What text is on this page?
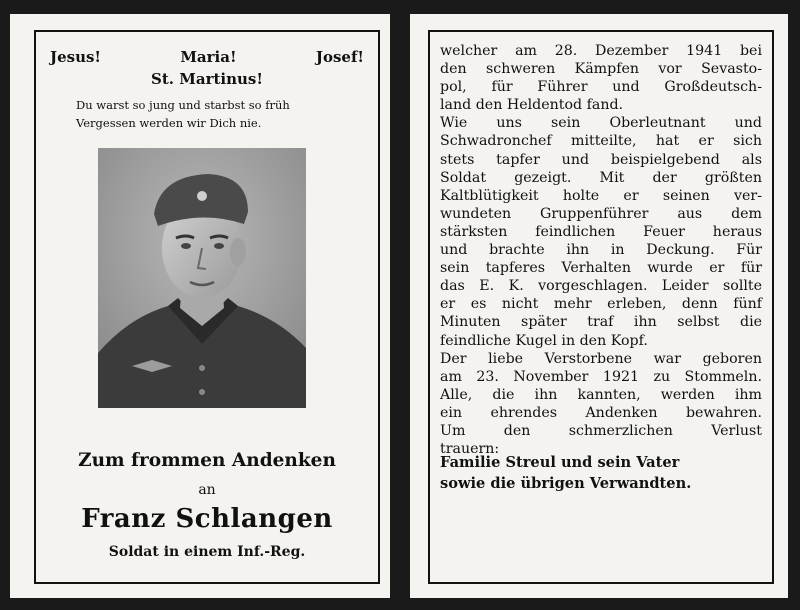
Jesus!	Maria!	Josef!
St. Martinus!
Du warst so jung und starbst so früh
Vergessen werden wir Dich nie.
Zum frommen Andenken
an
Franz Schlangen
Soldat in einem Inf.-Reg.
welcher am 28. Dezember 1941 bei
den schweren Kämpfen vor Sevasto-
pol, für Führer und Großdeutsch-
land den Heldentod fand.
Wie uns sein Oberleutnant und
Schwadronchef mitteilte, hat er sich
stets tapfer und beispielgebend als
Soldat gezeigt. Mit der größten
Kaltblütigkeit holte er seinen ver-
wundeten Gruppenführer aus dem
stärksten feindlichen Feuer heraus
und brachte ihn in Deckung. Für
sein tapferes Verhalten wurde er für
das E. K. vorgeschlagen. Leider sollte
er es nicht mehr erleben, denn fünf
Minuten später traf ihn selbst die
feindliche Kugel in den Kopf.
Der liebe Verstorbene war geboren
am 23. November 1921 zu Stommeln.
Alle, die ihn kannten, werden ihm
ein ehrendes Andenken bewahren.
Um den schmerzlichen Verlust
trauern:
Familie Streul und sein Vater
sowie die übrigen Verwandten.
